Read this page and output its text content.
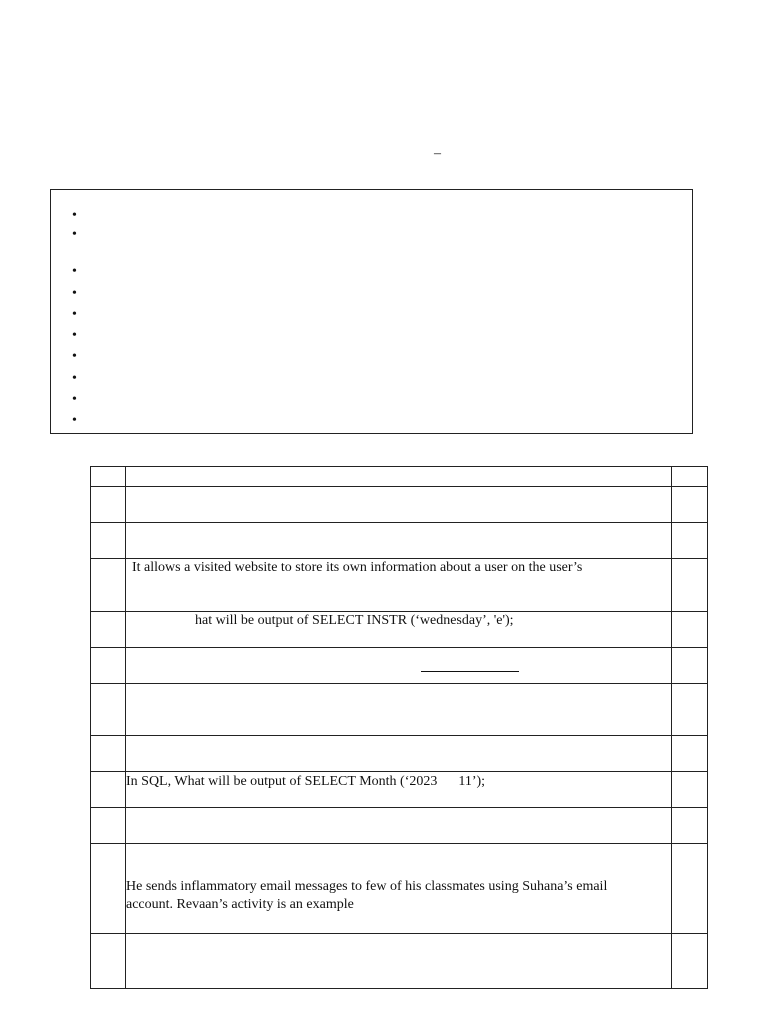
–
•
•
•
•
•
•
•
•
•
•

	It allows a visited website to store its own information about a user on the user’s	

	hat will be output of SELECT INSTR (‘wednesday’, 'e');	

	In SQL, What will be output of SELECT Month (‘2023      11’);	

	He sends inflammatory email messages to few of his classmates using Suhana’s email
account. Revaan’s activity is an example	
